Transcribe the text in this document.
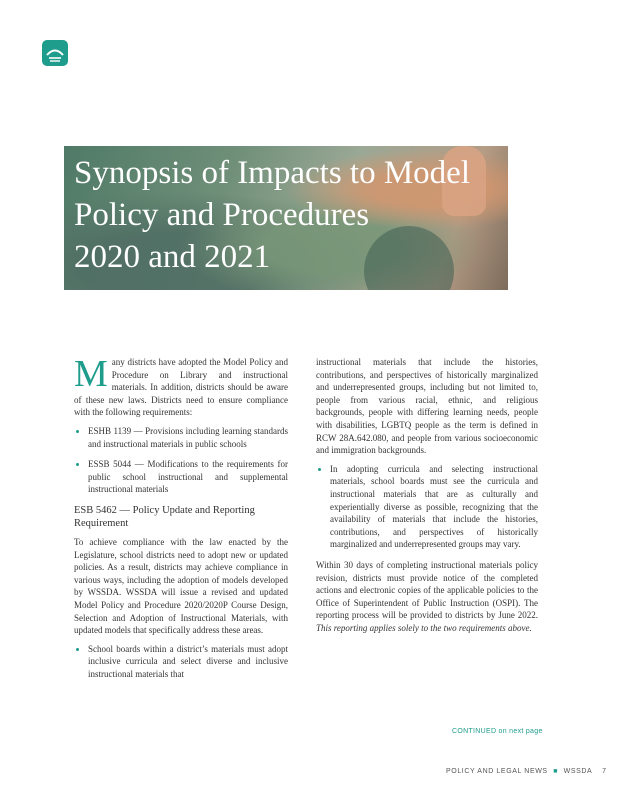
Synopsis of Impacts to Model
Policy and Procedures
2020 and 2021

M any districts have adopted the Model Policy and Procedure on Library and instructional materials. In addition, districts should be aware of these new laws. Districts need to ensure compliance with the following requirements:

• ESHB 1139 — Provisions including learning standards and instructional materials in public schools
• ESSB 5044 — Modifications to the requirements for public school instructional and supplemental instructional materials
ESB 5462 — Policy Update and Reporting Requirement

To achieve compliance with the law enacted by the Legislature, school districts need to adopt new or updated policies. As a result, districts may achieve compliance in various ways, including the adoption of models developed by WSSDA. WSSDA will issue a revised and updated Model Policy and Procedure 2020/2020P Course Design, Selection and Adoption of Instructional Materials, with updated models that specifically address these areas.

• School boards within a district’s materials must adopt inclusive curricula and select diverse and inclusive instructional materials that

instructional materials that include the histories, contributions, and perspectives of historically marginalized and underrepresented groups, including but not limited to, people from various racial, ethnic, and religious backgrounds, people with differing learning needs, people with disabilities, LGBTQ people as the term is defined in RCW 28A.642.080, and people from various socioeconomic and immigration backgrounds.

• In adopting curricula and selecting instructional materials, school boards must see the curricula and instructional materials that are as culturally and experientially diverse as possible, recognizing that the availability of materials that include the histories, contributions, and perspectives of historically marginalized and underrepresented groups may vary.

Within 30 days of completing instructional materials policy revision, districts must provide notice of the completed actions and electronic copies of the applicable policies to the Office of Superintendent of Public Instruction (OSPI). The reporting process will be provided to districts by June 2022. This reporting applies solely to the two requirements above.

CONTINUED on next page
POLICY AND LEGAL NEWS ■ WSSDA 7
